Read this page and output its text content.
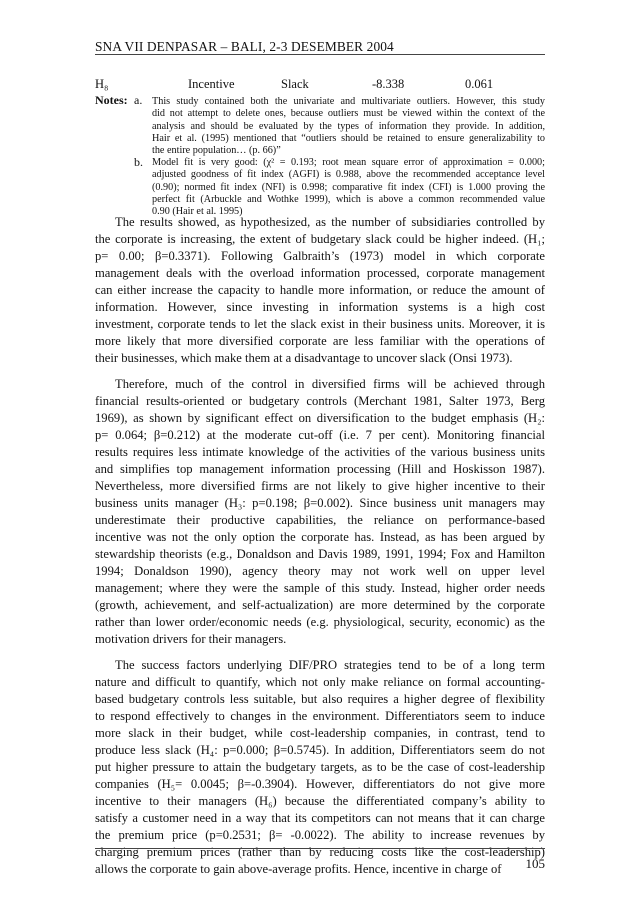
SNA VII DENPASAR – BALI, 2-3 DESEMBER 2004
H₈	Incentive	Slack	-8.338	0.061
Notes: a. This study contained both the univariate and multivariate outliers. However, this study
did not attempt to delete ones, because outliers must be viewed within the context of the
analysis and should be evaluated by the types of information they provide. In addition,
Hair et al. (1995) mentioned that “outliers should be retained to ensure generalizability to
the entire population… (p. 66)”
b. Model fit is very good: (χ² = 0.193; root mean square error of approximation = 0.000;
adjusted goodness of fit index (AGFI) is 0.988, above the recommended acceptance level
(0.90); normed fit index (NFI) is 0.998; comparative fit index (CFI) is 1.000 proving the
perfect fit (Arbuckle and Wothke 1999), which is above a common recommended value
0.90 (Hair et al. 1995)
The results showed, as hypothesized, as the number of subsidiaries controlled by
the corporate is increasing, the extent of budgetary slack could be higher indeed. (H₁;
p= 0.00; β=0.3371). Following Galbraith’s (1973) model in which corporate
management deals with the overload information processed, corporate management
can either increase the capacity to handle more information, or reduce the amount of
information. However, since investing in information systems is a high cost
investment, corporate tends to let the slack exist in their business units. Moreover, it is
more likely that more diversified corporate are less familiar with the operations of
their businesses, which make them at a disadvantage to uncover slack (Onsi 1973).
Therefore, much of the control in diversified firms will be achieved through
financial results-oriented or budgetary controls (Merchant 1981, Salter 1973, Berg
1969), as shown by significant effect on diversification to the budget emphasis (H₂:
p= 0.064; β=0.212) at the moderate cut-off (i.e. 7 per cent). Monitoring financial
results requires less intimate knowledge of the activities of the various business units
and simplifies top management information processing (Hill and Hoskisson 1987).
Nevertheless, more diversified firms are not likely to give higher incentive to their
business units manager (H₃: p=0.198; β=0.002). Since business unit managers may
underestimate their productive capabilities, the reliance on performance-based
incentive was not the only option the corporate has. Instead, as has been argued by
stewardship theorists (e.g., Donaldson and Davis 1989, 1991, 1994; Fox and Hamilton
1994; Donaldson 1990), agency theory may not work well on upper level
management; where they were the sample of this study. Instead, higher order needs
(growth, achievement, and self-actualization) are more determined by the corporate
rather than lower order/economic needs (e.g. physiological, security, economic) as the
motivation drivers for their managers.
The success factors underlying DIF/PRO strategies tend to be of a long term
nature and difficult to quantify, which not only make reliance on formal accounting-
based budgetary controls less suitable, but also requires a higher degree of flexibility
to respond effectively to changes in the environment. Differentiators seem to induce
more slack in their budget, while cost-leadership companies, in contrast, tend to
produce less slack (H₄: p=0.000; β=0.5745). In addition, Differentiators seem do not
put higher pressure to attain the budgetary targets, as to be the case of cost-leadership
companies (H₅= 0.0045; β=-0.3904). However, differentiators do not give more
incentive to their managers (H₆) because the differentiated company’s ability to
satisfy a customer need in a way that its competitors can not means that it can charge
the premium price (p=0.2531; β= -0.0022). The ability to increase revenues by
charging premium prices (rather than by reducing costs like the cost-leadership)
allows the corporate to gain above-average profits. Hence, incentive in charge of	105
